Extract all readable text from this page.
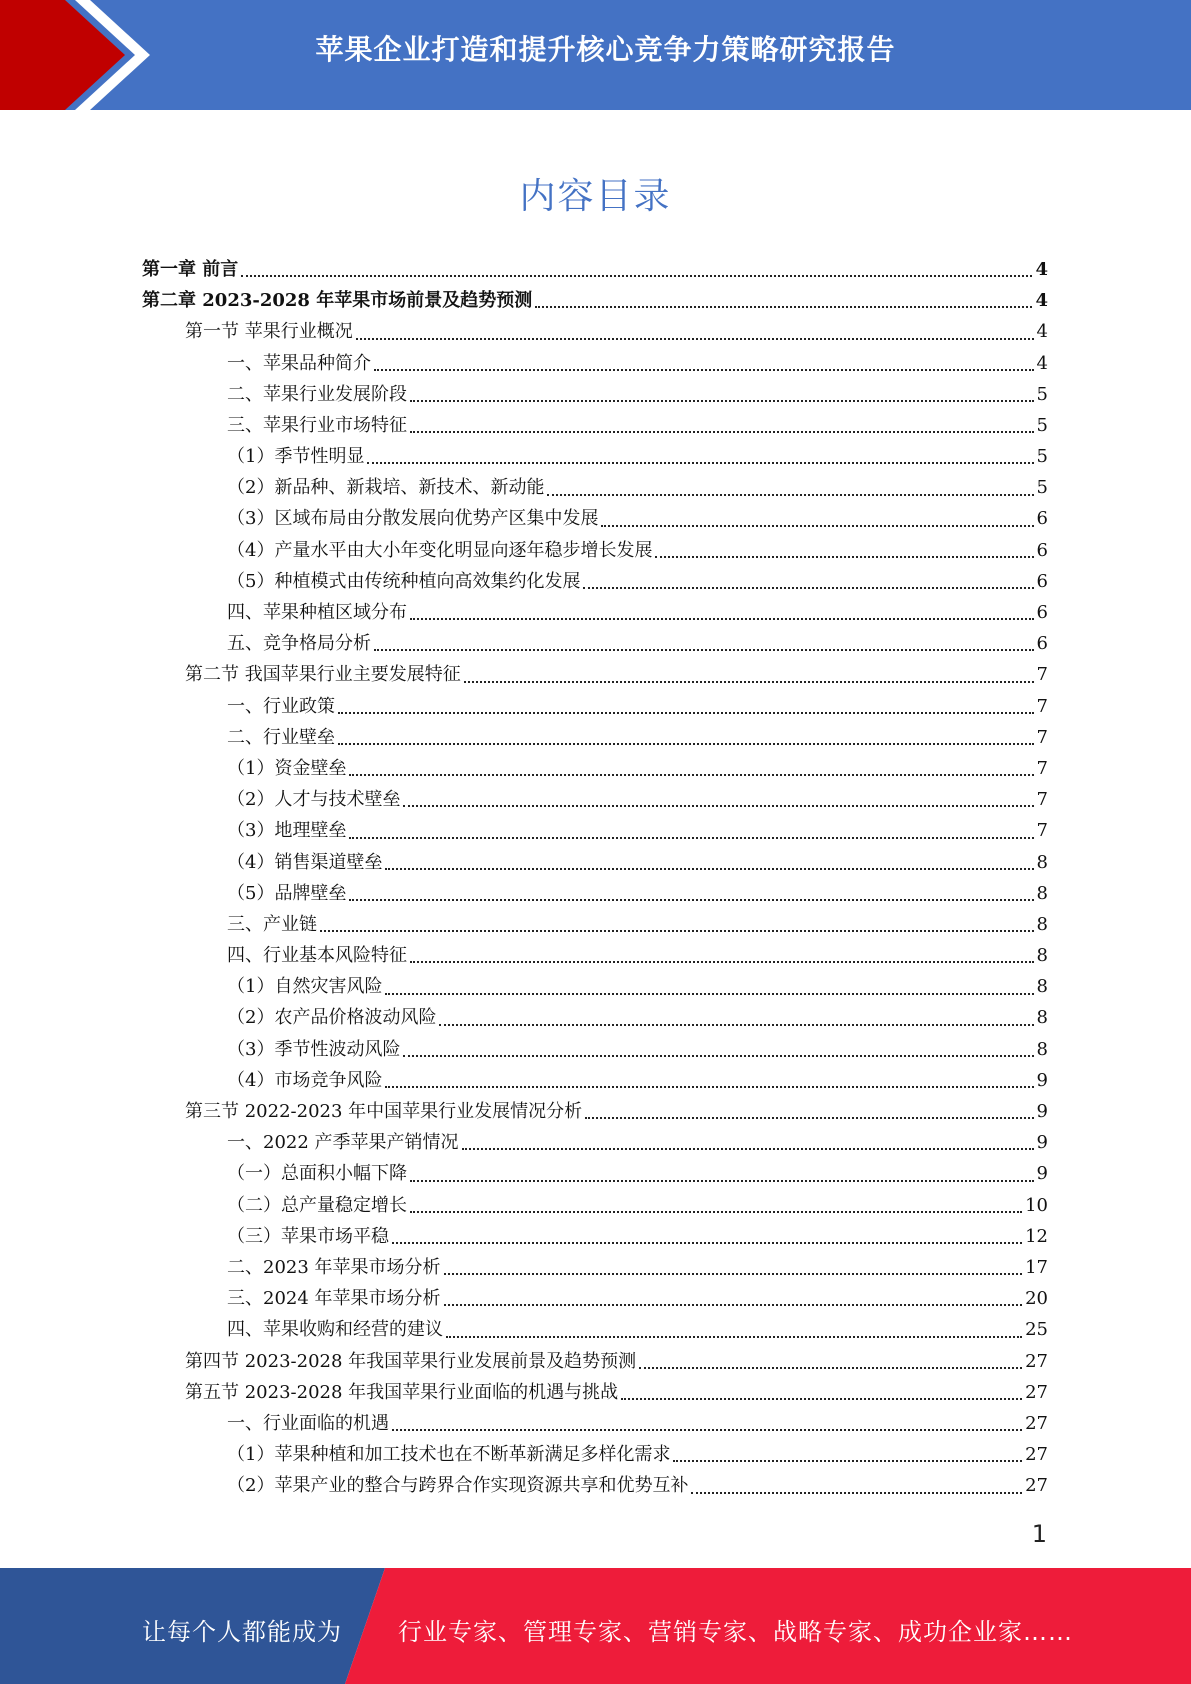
苹果企业打造和提升核心竞争力策略研究报告
内容目录
第一章 前言	4
第二章 2023-2028 年苹果市场前景及趋势预测	4
第一节 苹果行业概况	4
一、苹果品种简介	4
二、苹果行业发展阶段	5
三、苹果行业市场特征	5
（1）季节性明显	5
（2）新品种、新栽培、新技术、新动能	5
（3）区域布局由分散发展向优势产区集中发展	6
（4）产量水平由大小年变化明显向逐年稳步增长发展	6
（5）种植模式由传统种植向高效集约化发展	6
四、苹果种植区域分布	6
五、竞争格局分析	6
第二节 我国苹果行业主要发展特征	7
一、行业政策	7
二、行业壁垒	7
（1）资金壁垒	7
（2）人才与技术壁垒	7
（3）地理壁垒	7
（4）销售渠道壁垒	8
（5）品牌壁垒	8
三、产业链	8
四、行业基本风险特征	8
（1）自然灾害风险	8
（2）农产品价格波动风险	8
（3）季节性波动风险	8
（4）市场竞争风险	9
第三节 2022-2023 年中国苹果行业发展情况分析	9
一、2022 产季苹果产销情况	9
（一）总面积小幅下降	9
（二）总产量稳定增长	10
（三）苹果市场平稳	12
二、2023 年苹果市场分析	17
三、2024 年苹果市场分析	20
四、苹果收购和经营的建议	25
第四节 2023-2028 年我国苹果行业发展前景及趋势预测	27
第五节 2023-2028 年我国苹果行业面临的机遇与挑战	27
一、行业面临的机遇	27
（1）苹果种植和加工技术也在不断革新满足多样化需求	27
（2）苹果产业的整合与跨界合作实现资源共享和优势互补	27
1
让每个人都能成为 行业专家、管理专家、营销专家、战略专家、成功企业家……
